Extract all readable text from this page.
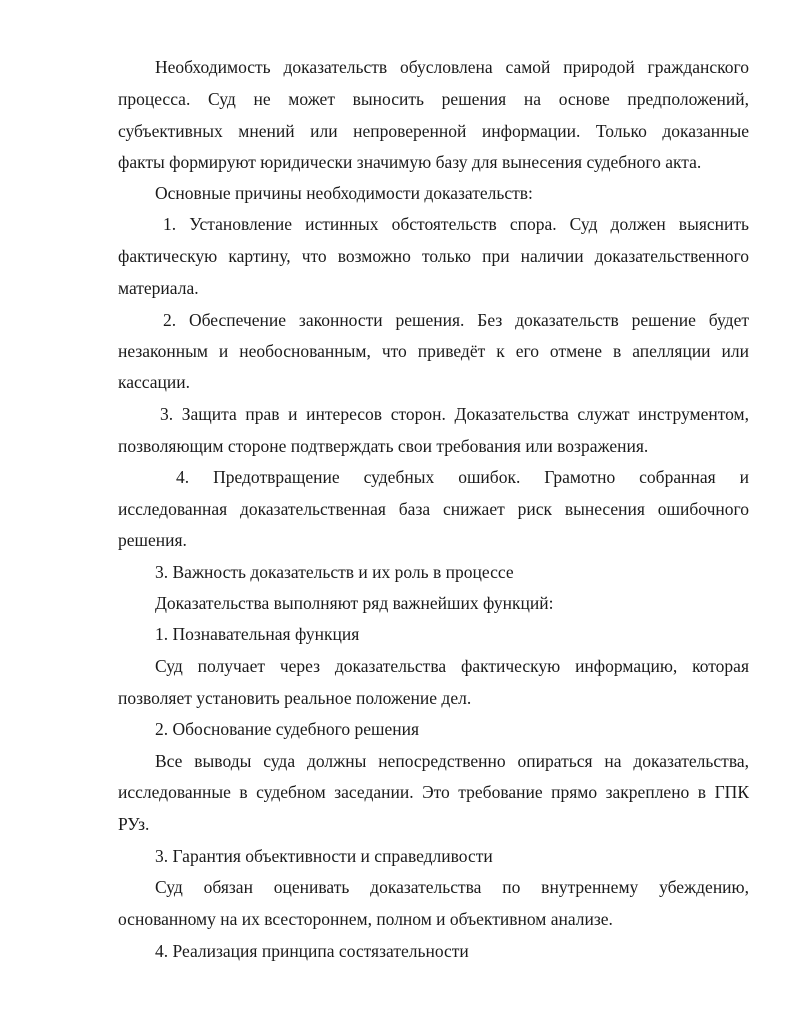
Необходимость доказательств обусловлена самой природой гражданского
процесса. Суд не может выносить решения на основе предположений,
субъективных мнений или непроверенной информации. Только доказанные
факты формируют юридически значимую базу для вынесения судебного акта.
Основные причины необходимости доказательств:
1. Установление истинных обстоятельств спора. Суд должен выяснить
фактическую картину, что возможно только при наличии доказательственного
материала.
2. Обеспечение законности решения. Без доказательств решение будет
незаконным и необоснованным, что приведёт к его отмене в апелляции или
кассации.
3. Защита прав и интересов сторон. Доказательства служат инструментом,
позволяющим стороне подтверждать свои требования или возражения.
4. Предотвращение судебных ошибок. Грамотно собранная и
исследованная доказательственная база снижает риск вынесения ошибочного
решения.
3. Важность доказательств и их роль в процессе
Доказательства выполняют ряд важнейших функций:
1. Познавательная функция
Суд получает через доказательства фактическую информацию, которая
позволяет установить реальное положение дел.
2. Обоснование судебного решения
Все выводы суда должны непосредственно опираться на доказательства,
исследованные в судебном заседании. Это требование прямо закреплено в ГПК
РУз.
3. Гарантия объективности и справедливости
Суд обязан оценивать доказательства по внутреннему убеждению,
основанному на их всестороннем, полном и объективном анализе.
4. Реализация принципа состязательности
